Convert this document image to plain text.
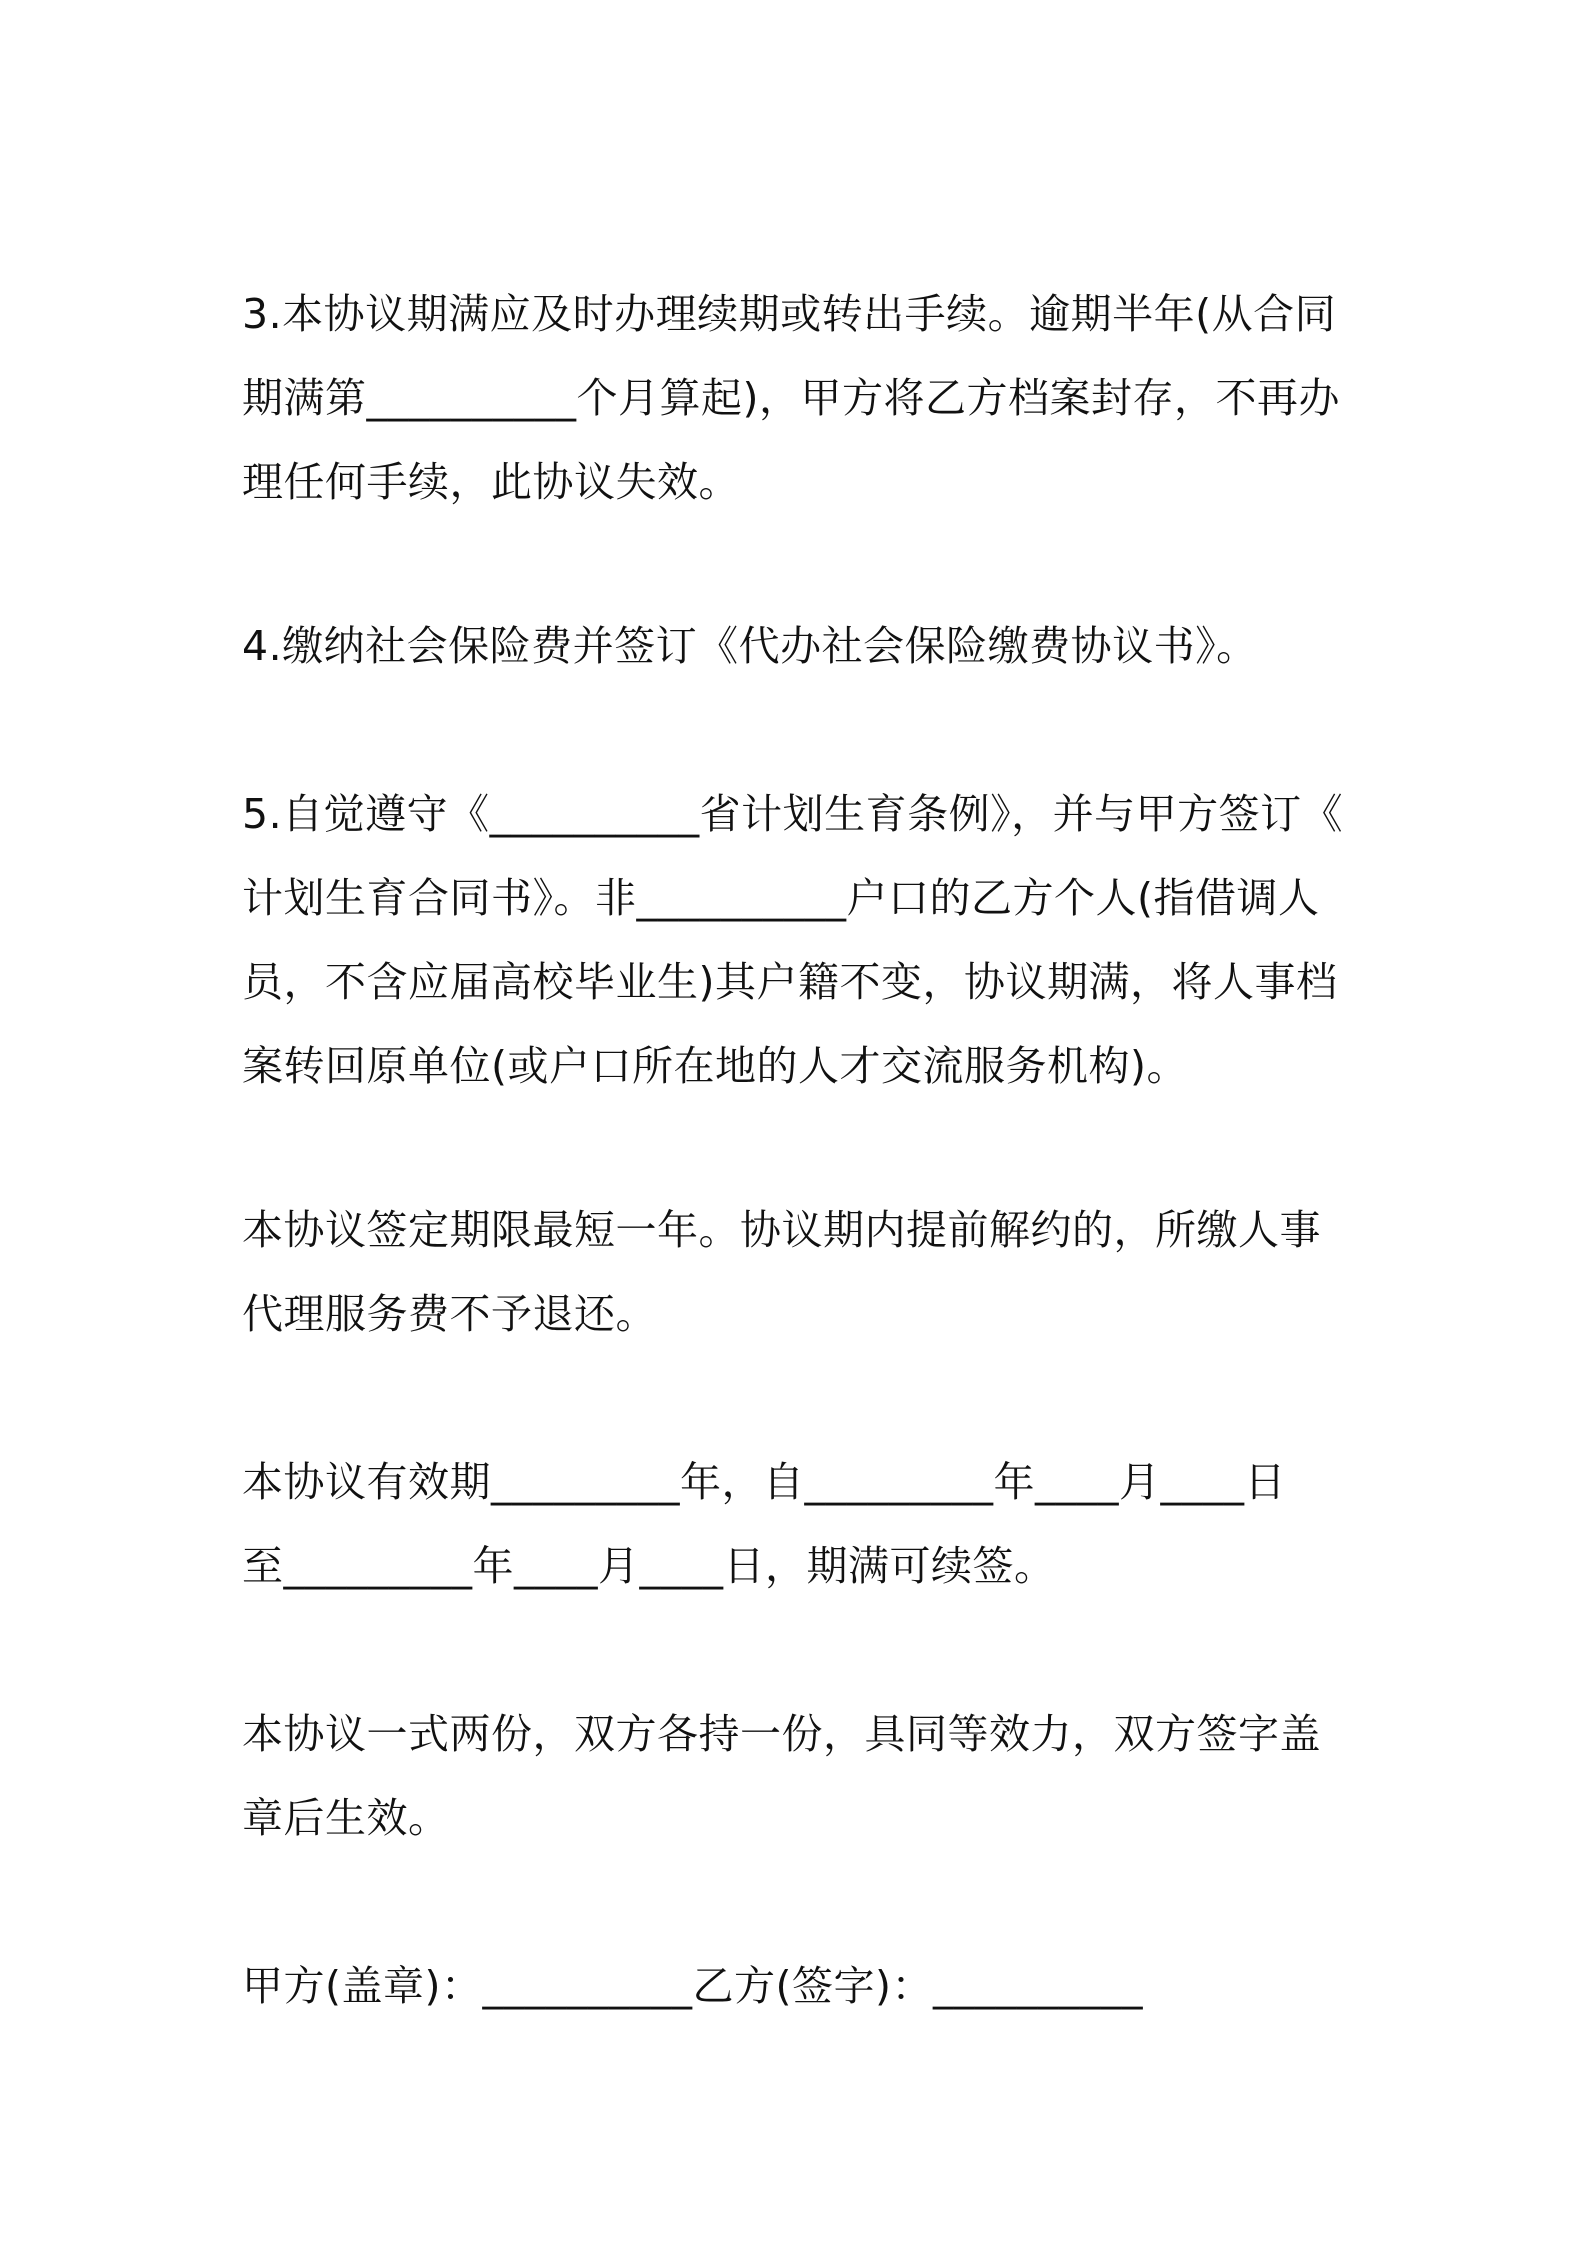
3.本协议期满应及时办理续期或转出手续。逾期半年(从合同
期满第__________个月算起)，甲方将乙方档案封存，不再办
理任何手续，此协议失效。

4.缴纳社会保险费并签订《代办社会保险缴费协议书》。

5.自觉遵守《__________省计划生育条例》，并与甲方签订《
计划生育合同书》。非__________户口的乙方个人(指借调人
员，不含应届高校毕业生)其户籍不变，协议期满，将人事档
案转回原单位(或户口所在地的人才交流服务机构)。

本协议签定期限最短一年。协议期内提前解约的，所缴人事
代理服务费不予退还。

本协议有效期_________年，自_________年____月____日
至_________年____月____日，期满可续签。

本协议一式两份，双方各持一份，具同等效力，双方签字盖
章后生效。

甲方(盖章)：__________乙方(签字)：__________
